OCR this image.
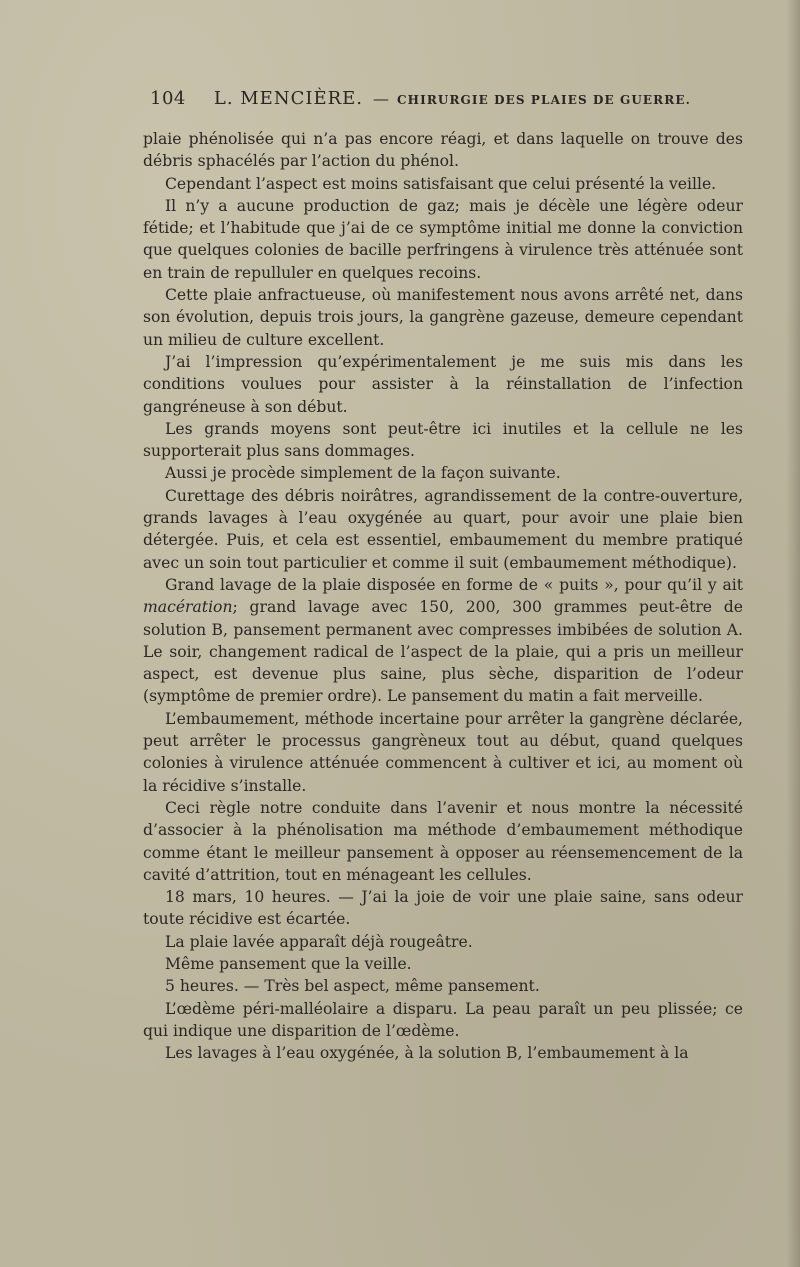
104 L. MENCIÈRE. — CHIRURGIE DES PLAIES DE GUERRE.

plaie phénolisée qui n’a pas encore réagi, et dans laquelle on trouve des débris sphacélés par l’action du phénol.

Cependant l’aspect est moins satisfaisant que celui présenté la veille.

Il n’y a aucune production de gaz; mais je décèle une légère odeur fétide; et l’habitude que j’ai de ce symptôme initial me donne la conviction que quelques colonies de bacille perfringens à virulence très atténuée sont en train de repulluler en quelques recoins.

Cette plaie anfractueuse, où manifestement nous avons arrêté net, dans son évolution, depuis trois jours, la gangrène gazeuse, demeure cependant un milieu de culture excellent.

J’ai l’impression qu’expérimentalement je me suis mis dans les conditions voulues pour assister à la réinstallation de l’infection gangréneuse à son début.

Les grands moyens sont peut-être ici inutiles et la cellule ne les supporterait plus sans dommages.

Aussi je procède simplement de la façon suivante.

Curettage des débris noirâtres, agrandissement de la contre-ouverture, grands lavages à l’eau oxygénée au quart, pour avoir une plaie bien détergée. Puis, et cela est essentiel, embaumement du membre pratiqué avec un soin tout particulier et comme il suit (embaumement méthodique).

Grand lavage de la plaie disposée en forme de « puits », pour qu’il y ait macération; grand lavage avec 150, 200, 300 grammes peut-être de solution B, pansement permanent avec compresses imbibées de solution A. Le soir, changement radical de l’aspect de la plaie, qui a pris un meilleur aspect, est devenue plus saine, plus sèche, disparition de l’odeur (symptôme de premier ordre). Le pansement du matin a fait merveille.

L’embaumement, méthode incertaine pour arrêter la gangrène déclarée, peut arrêter le processus gangrèneux tout au début, quand quelques colonies à virulence atténuée commencent à cultiver et ici, au moment où la récidive s’installe.

Ceci règle notre conduite dans l’avenir et nous montre la nécessité d’associer à la phénolisation ma méthode d’embaumement méthodique comme étant le meilleur pansement à opposer au réensemencement de la cavité d’attrition, tout en ménageant les cellules.

18 mars, 10 heures. — J’ai la joie de voir une plaie saine, sans odeur toute récidive est écartée.

La plaie lavée apparaît déjà rougeâtre.

Même pansement que la veille.

5 heures. — Très bel aspect, même pansement.

L’œdème péri-malléolaire a disparu. La peau paraît un peu plissée; ce qui indique une disparition de l’œdème.

Les lavages à l’eau oxygénée, à la solution B, l’embaumement à la
